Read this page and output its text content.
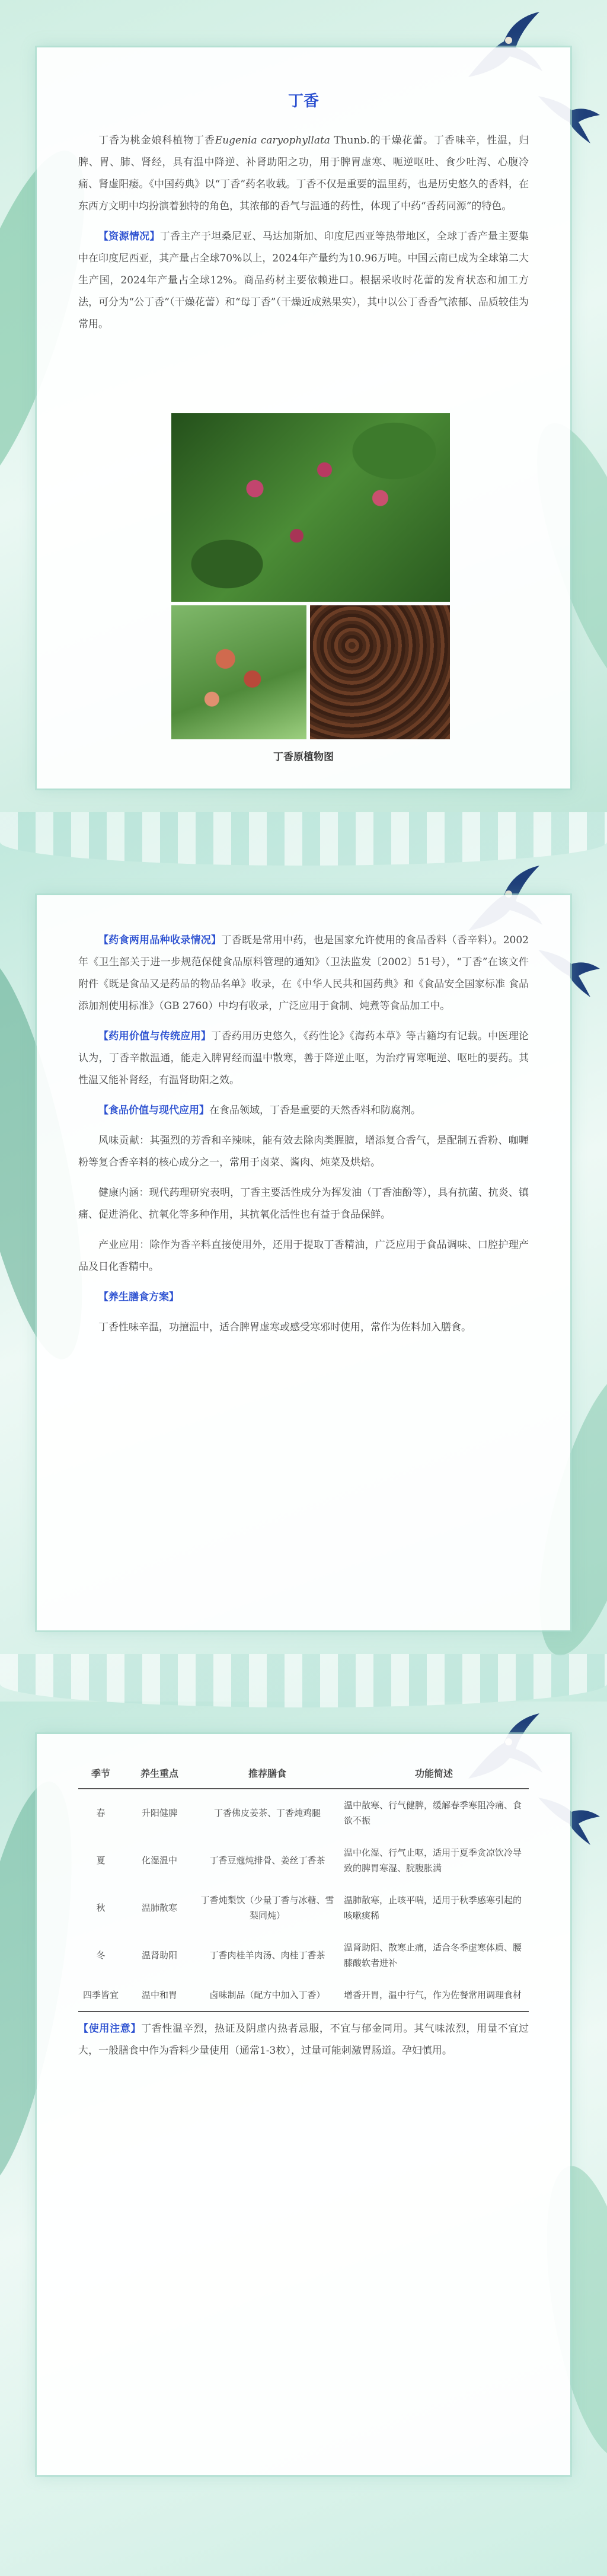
丁香

丁香为桃金娘科植物丁香Eugenia caryophyllata Thunb.的干燥花蕾。丁香味辛，性温，归脾、胃、肺、肾经，具有温中降逆、补肾助阳之功，用于脾胃虚寒、呃逆呕吐、食少吐泻、心腹冷痛、肾虚阳痿。《中国药典》以“丁香”药名收载。丁香不仅是重要的温里药，也是历史悠久的香料，在东西方文明中均扮演着独特的角色，其浓郁的香气与温通的药性，体现了中药“香药同源”的特色。

【资源情况】丁香主产于坦桑尼亚、马达加斯加、印度尼西亚等热带地区，全球丁香产量主要集中在印度尼西亚，其产量占全球70%以上，2024年产量约为10.96万吨。中国云南已成为全球第二大生产国，2024年产量占全球12%。商品药材主要依赖进口。根据采收时花蕾的发育状态和加工方法，可分为“公丁香”（干燥花蕾）和“母丁香”（干燥近成熟果实），其中以公丁香香气浓郁、品质较佳为常用。

丁香原植物图

【药食两用品种收录情况】丁香既是常用中药，也是国家允许使用的食品香料（香辛料）。2002年《卫生部关于进一步规范保健食品原料管理的通知》（卫法监发〔2002〕51号），“丁香”在该文件附件《既是食品又是药品的物品名单》收录，在《中华人民共和国药典》和《食品安全国家标准 食品添加剂使用标准》（GB 2760）中均有收录，广泛应用于食制、炖煮等食品加工中。

【药用价值与传统应用】丁香药用历史悠久，《药性论》《海药本草》等古籍均有记载。中医理论认为，丁香辛散温通，能走入脾胃经而温中散寒，善于降逆止呕，为治疗胃寒呃逆、呕吐的要药。其性温又能补肾经，有温肾助阳之效。

【食品价值与现代应用】在食品领域，丁香是重要的天然香料和防腐剂。

风味贡献：其强烈的芳香和辛辣味，能有效去除肉类腥膻，增添复合香气，是配制五香粉、咖喱粉等复合香辛料的核心成分之一，常用于卤菜、酱肉、炖菜及烘焙。

健康内涵：现代药理研究表明，丁香主要活性成分为挥发油（丁香油酚等），具有抗菌、抗炎、镇痛、促进消化、抗氧化等多种作用，其抗氧化活性也有益于食品保鲜。

产业应用：除作为香辛料直接使用外，还用于提取丁香精油，广泛应用于食品调味、口腔护理产品及日化香精中。

【养生膳食方案】

丁香性味辛温，功擅温中，适合脾胃虚寒或感受寒邪时使用，常作为佐料加入膳食。

季节	养生重点	推荐膳食	功能简述
春	升阳健脾	丁香佛皮姜茶、丁香炖鸡腿	温中散寒、行气健脾，缓解春季寒阻冷痛、食欲不振
夏	化湿温中	丁香豆蔻炖排骨、姜丝丁香茶	温中化湿、行气止呕，适用于夏季贪凉饮冷导致的脾胃寒湿、脘腹胀满
秋	温肺散寒	丁香炖梨饮（少量丁香与冰糖、雪梨同炖）	温肺散寒，止咳平喘，适用于秋季感寒引起的咳嗽痰稀
冬	温肾助阳	丁香肉桂羊肉汤、肉桂丁香茶	温肾助阳、散寒止痛，适合冬季虚寒体质、腰膝酸软者进补
四季皆宜	温中和胃	卤味制品（配方中加入丁香）	增香开胃，温中行气，作为佐餐常用调理食材

【使用注意】丁香性温辛烈，热证及阴虚内热者忌服，不宜与郁金同用。其气味浓烈，用量不宜过大，一般膳食中作为香料少量使用（通常1-3枚），过量可能刺激胃肠道。孕妇慎用。
